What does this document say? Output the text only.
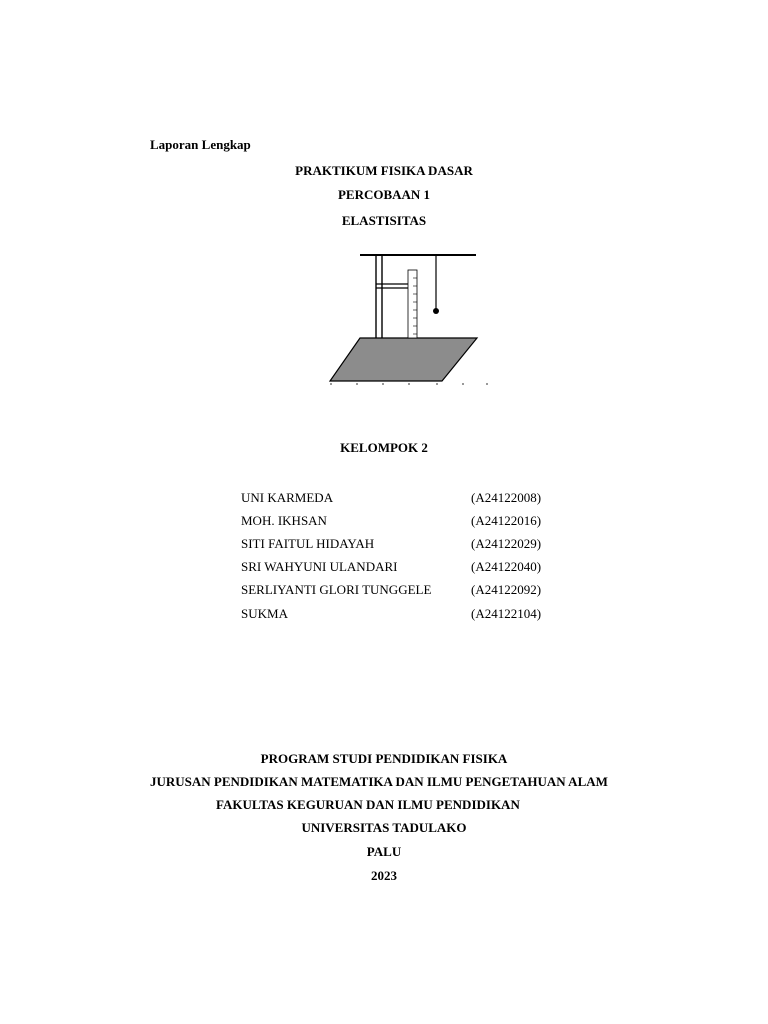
Laporan Lengkap
PRAKTIKUM FISIKA DASAR
PERCOBAAN 1
ELASTISITAS
KELOMPOK 2
UNI KARMEDA	(A24122008)
MOH. IKHSAN	(A24122016)
SITI FAITUL HIDAYAH	(A24122029)
SRI WAHYUNI ULANDARI	(A24122040)
SERLIYANTI GLORI TUNGGELE	(A24122092)
SUKMA	(A24122104)
PROGRAM STUDI PENDIDIKAN FISIKA
JURUSAN PENDIDIKAN MATEMATIKA DAN ILMU PENGETAHUAN ALAM
FAKULTAS KEGURUAN DAN ILMU PENDIDIKAN
UNIVERSITAS TADULAKO
PALU
2023
